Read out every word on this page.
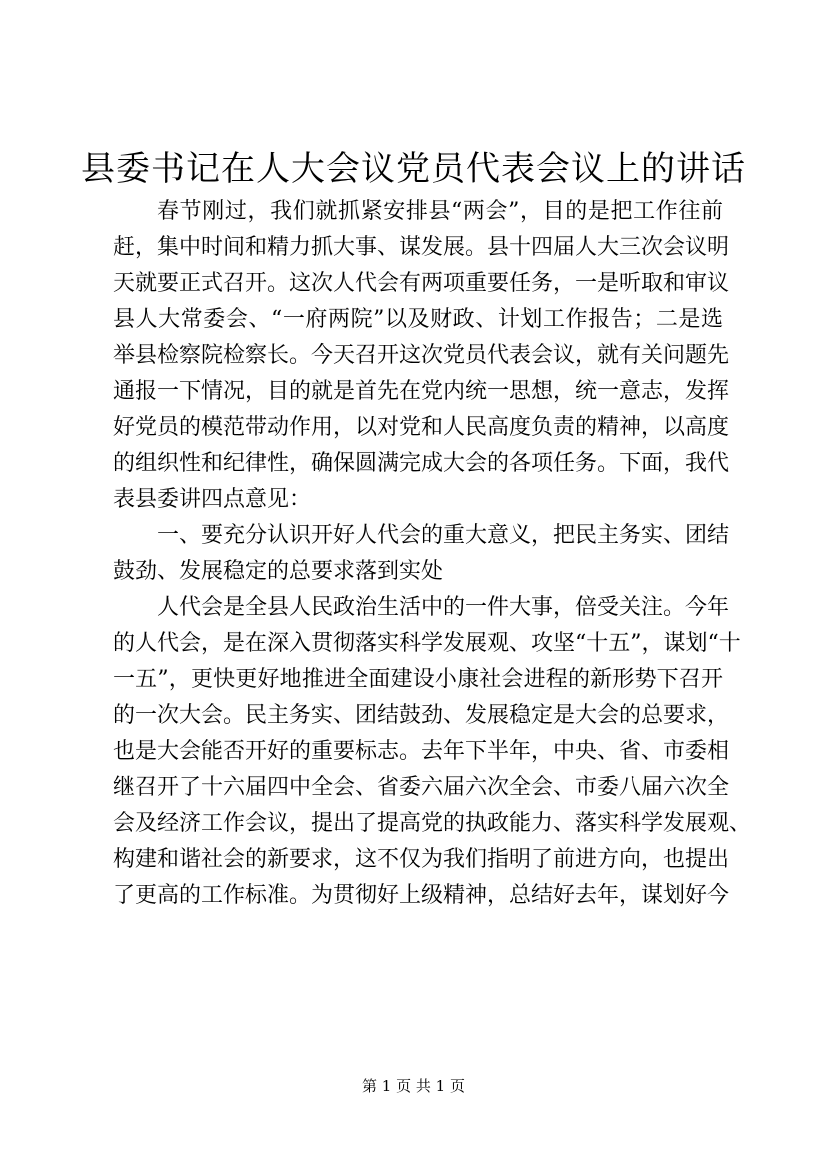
县委书记在人大会议党员代表会议上的讲话
春节刚过，我们就抓紧安排县“两会”，目的是把工作往前
赶，集中时间和精力抓大事、谋发展。县十四届人大三次会议明
天就要正式召开。这次人代会有两项重要任务，一是听取和审议
县人大常委会、“一府两院”以及财政、计划工作报告；二是选
举县检察院检察长。今天召开这次党员代表会议，就有关问题先
通报一下情况，目的就是首先在党内统一思想，统一意志，发挥
好党员的模范带动作用，以对党和人民高度负责的精神，以高度
的组织性和纪律性，确保圆满完成大会的各项任务。下面，我代
表县委讲四点意见：
一、要充分认识开好人代会的重大意义，把民主务实、团结
鼓劲、发展稳定的总要求落到实处
人代会是全县人民政治生活中的一件大事，倍受关注。今年
的人代会，是在深入贯彻落实科学发展观、攻坚“十五”，谋划“十
一五”，更快更好地推进全面建设小康社会进程的新形势下召开
的一次大会。民主务实、团结鼓劲、发展稳定是大会的总要求，
也是大会能否开好的重要标志。去年下半年，中央、省、市委相
继召开了十六届四中全会、省委六届六次全会、市委八届六次全
会及经济工作会议，提出了提高党的执政能力、落实科学发展观、
构建和谐社会的新要求，这不仅为我们指明了前进方向，也提出
了更高的工作标准。为贯彻好上级精神，总结好去年，谋划好今
第 1 页 共 1 页
